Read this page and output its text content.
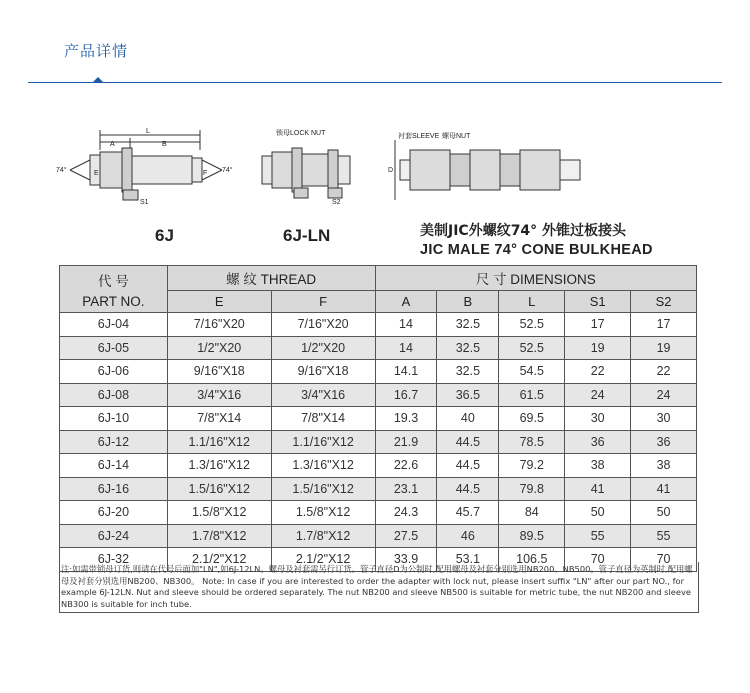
产品详情
L
A	B
E	F
S1
74°	74°
锁母LOCK NUT
S2
衬套SLEEVE 螺母NUT
D
6J	6J-LN	美制JIC外螺纹74° 外锥过板接头
JIC MALE 74° CONE BULKHEAD
代 号
PART NO.	螺 纹 THREAD		尺 寸 DIMENSIONS				
	E	F	A	B	L	S1	S2
6J-04	7/16"X20	7/16"X20	14	32.5	52.5	17	17
6J-05	1/2"X20	1/2"X20	14	32.5	52.5	19	19
6J-06	9/16"X18	9/16"X18	14.1	32.5	54.5	22	22
6J-08	3/4"X16	3/4"X16	16.7	36.5	61.5	24	24
6J-10	7/8"X14	7/8"X14	19.3	40	69.5	30	30
6J-12	1.1/16"X12	1.1/16"X12	21.9	44.5	78.5	36	36
6J-14	1.3/16"X12	1.3/16"X12	22.6	44.5	79.2	38	38
6J-16	1.5/16"X12	1.5/16"X12	23.1	44.5	79.8	41	41
6J-20	1.5/8"X12	1.5/8"X12	24.3	45.7	84	50	50
6J-24	1.7/8"X12	1.7/8"X12	27.5	46	89.5	55	55
6J-32	2.1/2"X12	2.1/2"X12	33.9	53.1	106.5	70	70
注:如需带锁母订货,则请在代号后面加"LN",如6J-12LN。螺母及衬套需另行订货。管子直径D为公制时,配用螺母及衬套分别选用NB200、NB500。管子直径为英制时,配用螺母及衬套分别选用NB200、NB300。 Note: In case if you are interested to order the adapter with lock nut, please insert suffix "LN" after our part NO., for example 6J-12LN. Nut and sleeve should be ordered separately. The nut NB200 and sleeve NB500 is suitable for metric tube, the nut NB200 and sleeve NB300 is suitable for inch tube.
